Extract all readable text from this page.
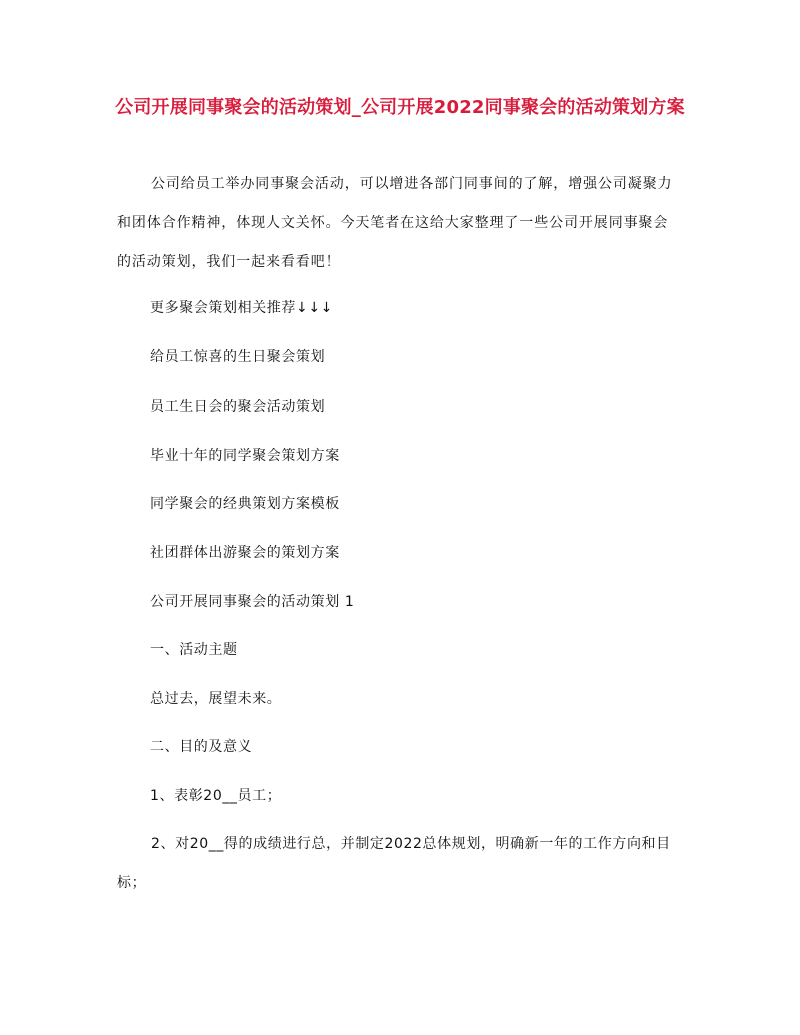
公司开展同事聚会的活动策划_公司开展2022同事聚会的活动策划方案

公司给员工举办同事聚会活动，可以增进各部门同事间的了解，增强公司凝聚力和团体合作精神，体现人文关怀。今天笔者在这给大家整理了一些公司开展同事聚会的活动策划，我们一起来看看吧！

更多聚会策划相关推荐↓↓↓

给员工惊喜的生日聚会策划

员工生日会的聚会活动策划

毕业十年的同学聚会策划方案

同学聚会的经典策划方案模板

社团群体出游聚会的策划方案

公司开展同事聚会的活动策划 1

一、活动主题

总过去，展望未来。

二、目的及意义

1、表彰20__员工；

2、对20__得的成绩进行总，并制定2022总体规划，明确新一年的工作方向和目标；
